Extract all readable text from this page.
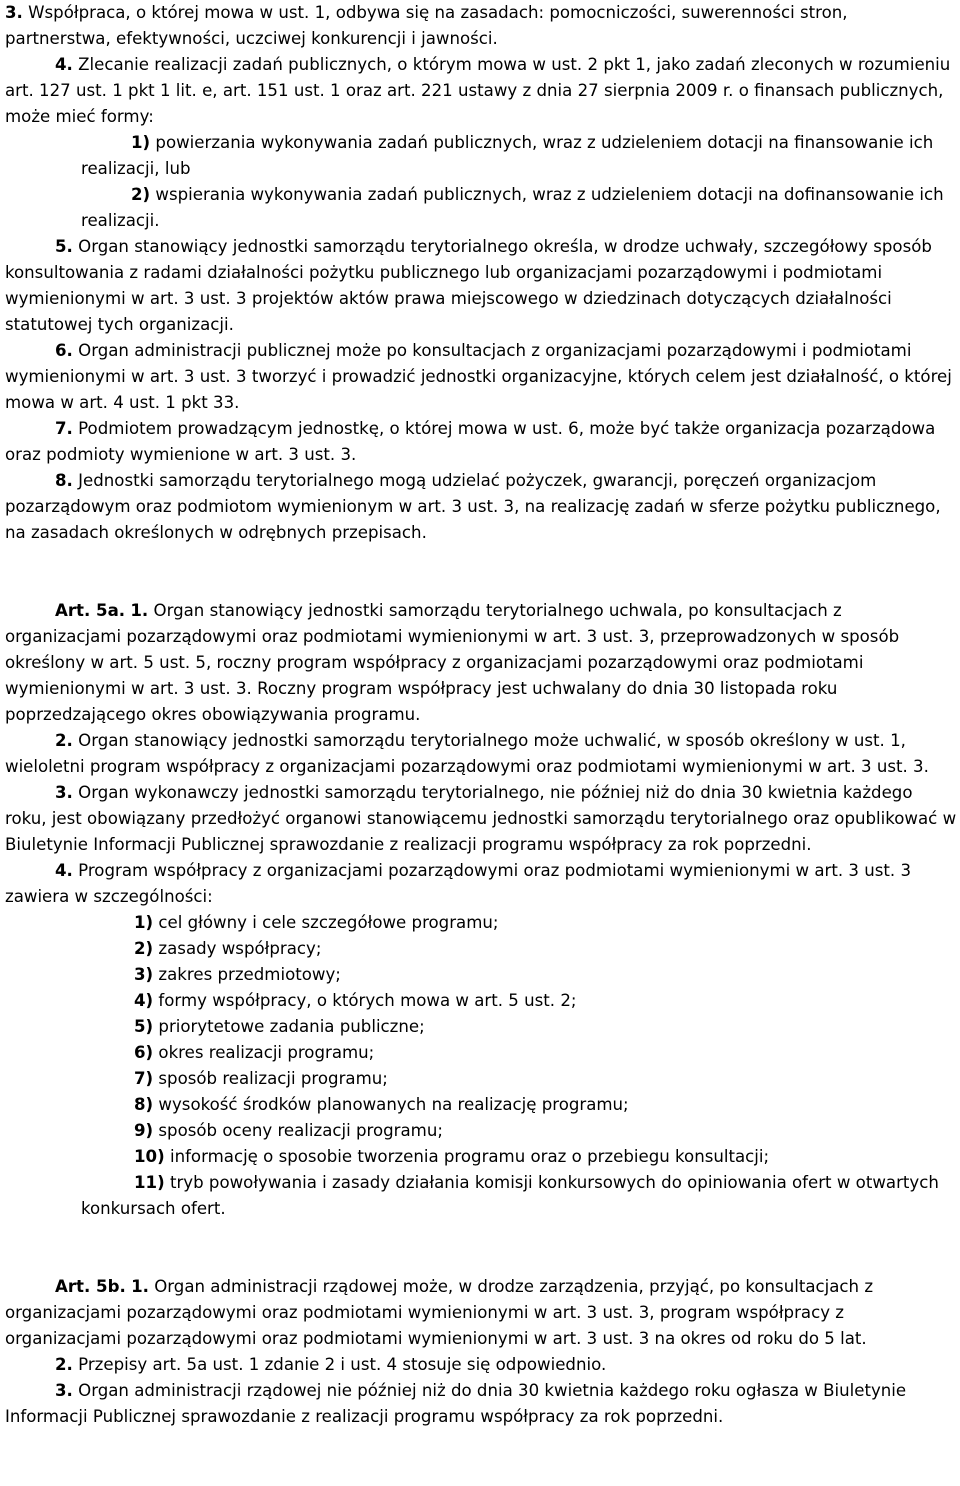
3. Współpraca, o której mowa w ust. 1, odbywa się na zasadach: pomocniczości, suwerenności stron, partnerstwa, efektywności, uczciwej konkurencji i jawności.

4. Zlecanie realizacji zadań publicznych, o którym mowa w ust. 2 pkt 1, jako zadań zleconych w rozumieniu art. 127 ust. 1 pkt 1 lit. e, art. 151 ust. 1 oraz art. 221 ustawy z dnia 27 sierpnia 2009 r. o finansach publicznych, może mieć formy:

1) powierzania wykonywania zadań publicznych, wraz z udzieleniem dotacji na finansowanie ich realizacji, lub

2) wspierania wykonywania zadań publicznych, wraz z udzieleniem dotacji na dofinansowanie ich realizacji.

5. Organ stanowiący jednostki samorządu terytorialnego określa, w drodze uchwały, szczegółowy sposób konsultowania z radami działalności pożytku publicznego lub organizacjami pozarządowymi i podmiotami wymienionymi w art. 3 ust. 3 projektów aktów prawa miejscowego w dziedzinach dotyczących działalności statutowej tych organizacji.

6. Organ administracji publicznej może po konsultacjach z organizacjami pozarządowymi i podmiotami wymienionymi w art. 3 ust. 3 tworzyć i prowadzić jednostki organizacyjne, których celem jest działalność, o której mowa w art. 4 ust. 1 pkt 33.

7. Podmiotem prowadzącym jednostkę, o której mowa w ust. 6, może być także organizacja pozarządowa oraz podmioty wymienione w art. 3 ust. 3.

8. Jednostki samorządu terytorialnego mogą udzielać pożyczek, gwarancji, poręczeń organizacjom pozarządowym oraz podmiotom wymienionym w art. 3 ust. 3, na realizację zadań w sferze pożytku publicznego, na zasadach określonych w odrębnych przepisach.

Art. 5a. 1. Organ stanowiący jednostki samorządu terytorialnego uchwala, po konsultacjach z organizacjami pozarządowymi oraz podmiotami wymienionymi w art. 3 ust. 3, przeprowadzonych w sposób określony w art. 5 ust. 5, roczny program współpracy z organizacjami pozarządowymi oraz podmiotami wymienionymi w art. 3 ust. 3. Roczny program współpracy jest uchwalany do dnia 30 listopada roku poprzedzającego okres obowiązywania programu.

2. Organ stanowiący jednostki samorządu terytorialnego może uchwalić, w sposób określony w ust. 1, wieloletni program współpracy z organizacjami pozarządowymi oraz podmiotami wymienionymi w art. 3 ust. 3.

3. Organ wykonawczy jednostki samorządu terytorialnego, nie później niż do dnia 30 kwietnia każdego roku, jest obowiązany przedłożyć organowi stanowiącemu jednostki samorządu terytorialnego oraz opublikować w Biuletynie Informacji Publicznej sprawozdanie z realizacji programu współpracy za rok poprzedni.

4. Program współpracy z organizacjami pozarządowymi oraz podmiotami wymienionymi w art. 3 ust. 3 zawiera w szczególności:

1) cel główny i cele szczegółowe programu;

2) zasady współpracy;

3) zakres przedmiotowy;

4) formy współpracy, o których mowa w art. 5 ust. 2;

5) priorytetowe zadania publiczne;

6) okres realizacji programu;

7) sposób realizacji programu;

8) wysokość środków planowanych na realizację programu;

9) sposób oceny realizacji programu;

10) informację o sposobie tworzenia programu oraz o przebiegu konsultacji;

11) tryb powoływania i zasady działania komisji konkursowych do opiniowania ofert w otwartych konkursach ofert.

Art. 5b. 1. Organ administracji rządowej może, w drodze zarządzenia, przyjąć, po konsultacjach z organizacjami pozarządowymi oraz podmiotami wymienionymi w art. 3 ust. 3, program współpracy z organizacjami pozarządowymi oraz podmiotami wymienionymi w art. 3 ust. 3 na okres od roku do 5 lat.

2. Przepisy art. 5a ust. 1 zdanie 2 i ust. 4 stosuje się odpowiednio.

3. Organ administracji rządowej nie później niż do dnia 30 kwietnia każdego roku ogłasza w Biuletynie Informacji Publicznej sprawozdanie z realizacji programu współpracy za rok poprzedni.
